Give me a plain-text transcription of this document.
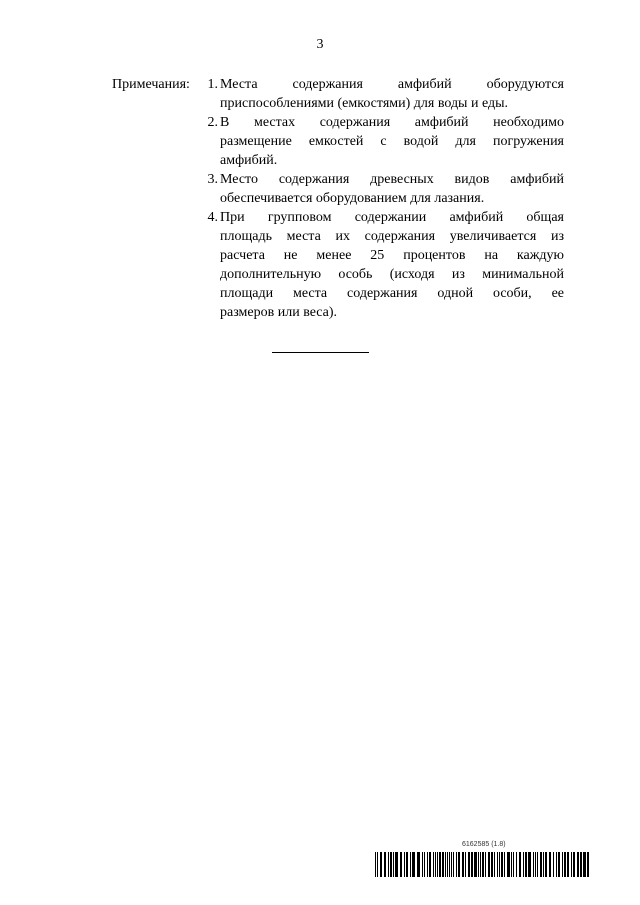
3
Примечания:	1. Места содержания амфибий оборудуются
приспособлениями (емкостями) для воды и еды.
2. В местах содержания амфибий необходимо
размещение емкостей с водой для погружения
амфибий.
3. Место содержания древесных видов амфибий
обеспечивается оборудованием для лазания.
4. При групповом содержании амфибий общая
площадь места их содержания увеличивается из
расчета не менее 25 процентов на каждую
дополнительную особь (исходя из минимальной
площади места содержания одной особи, ее
размеров или веса).
6162585 (1.8)
